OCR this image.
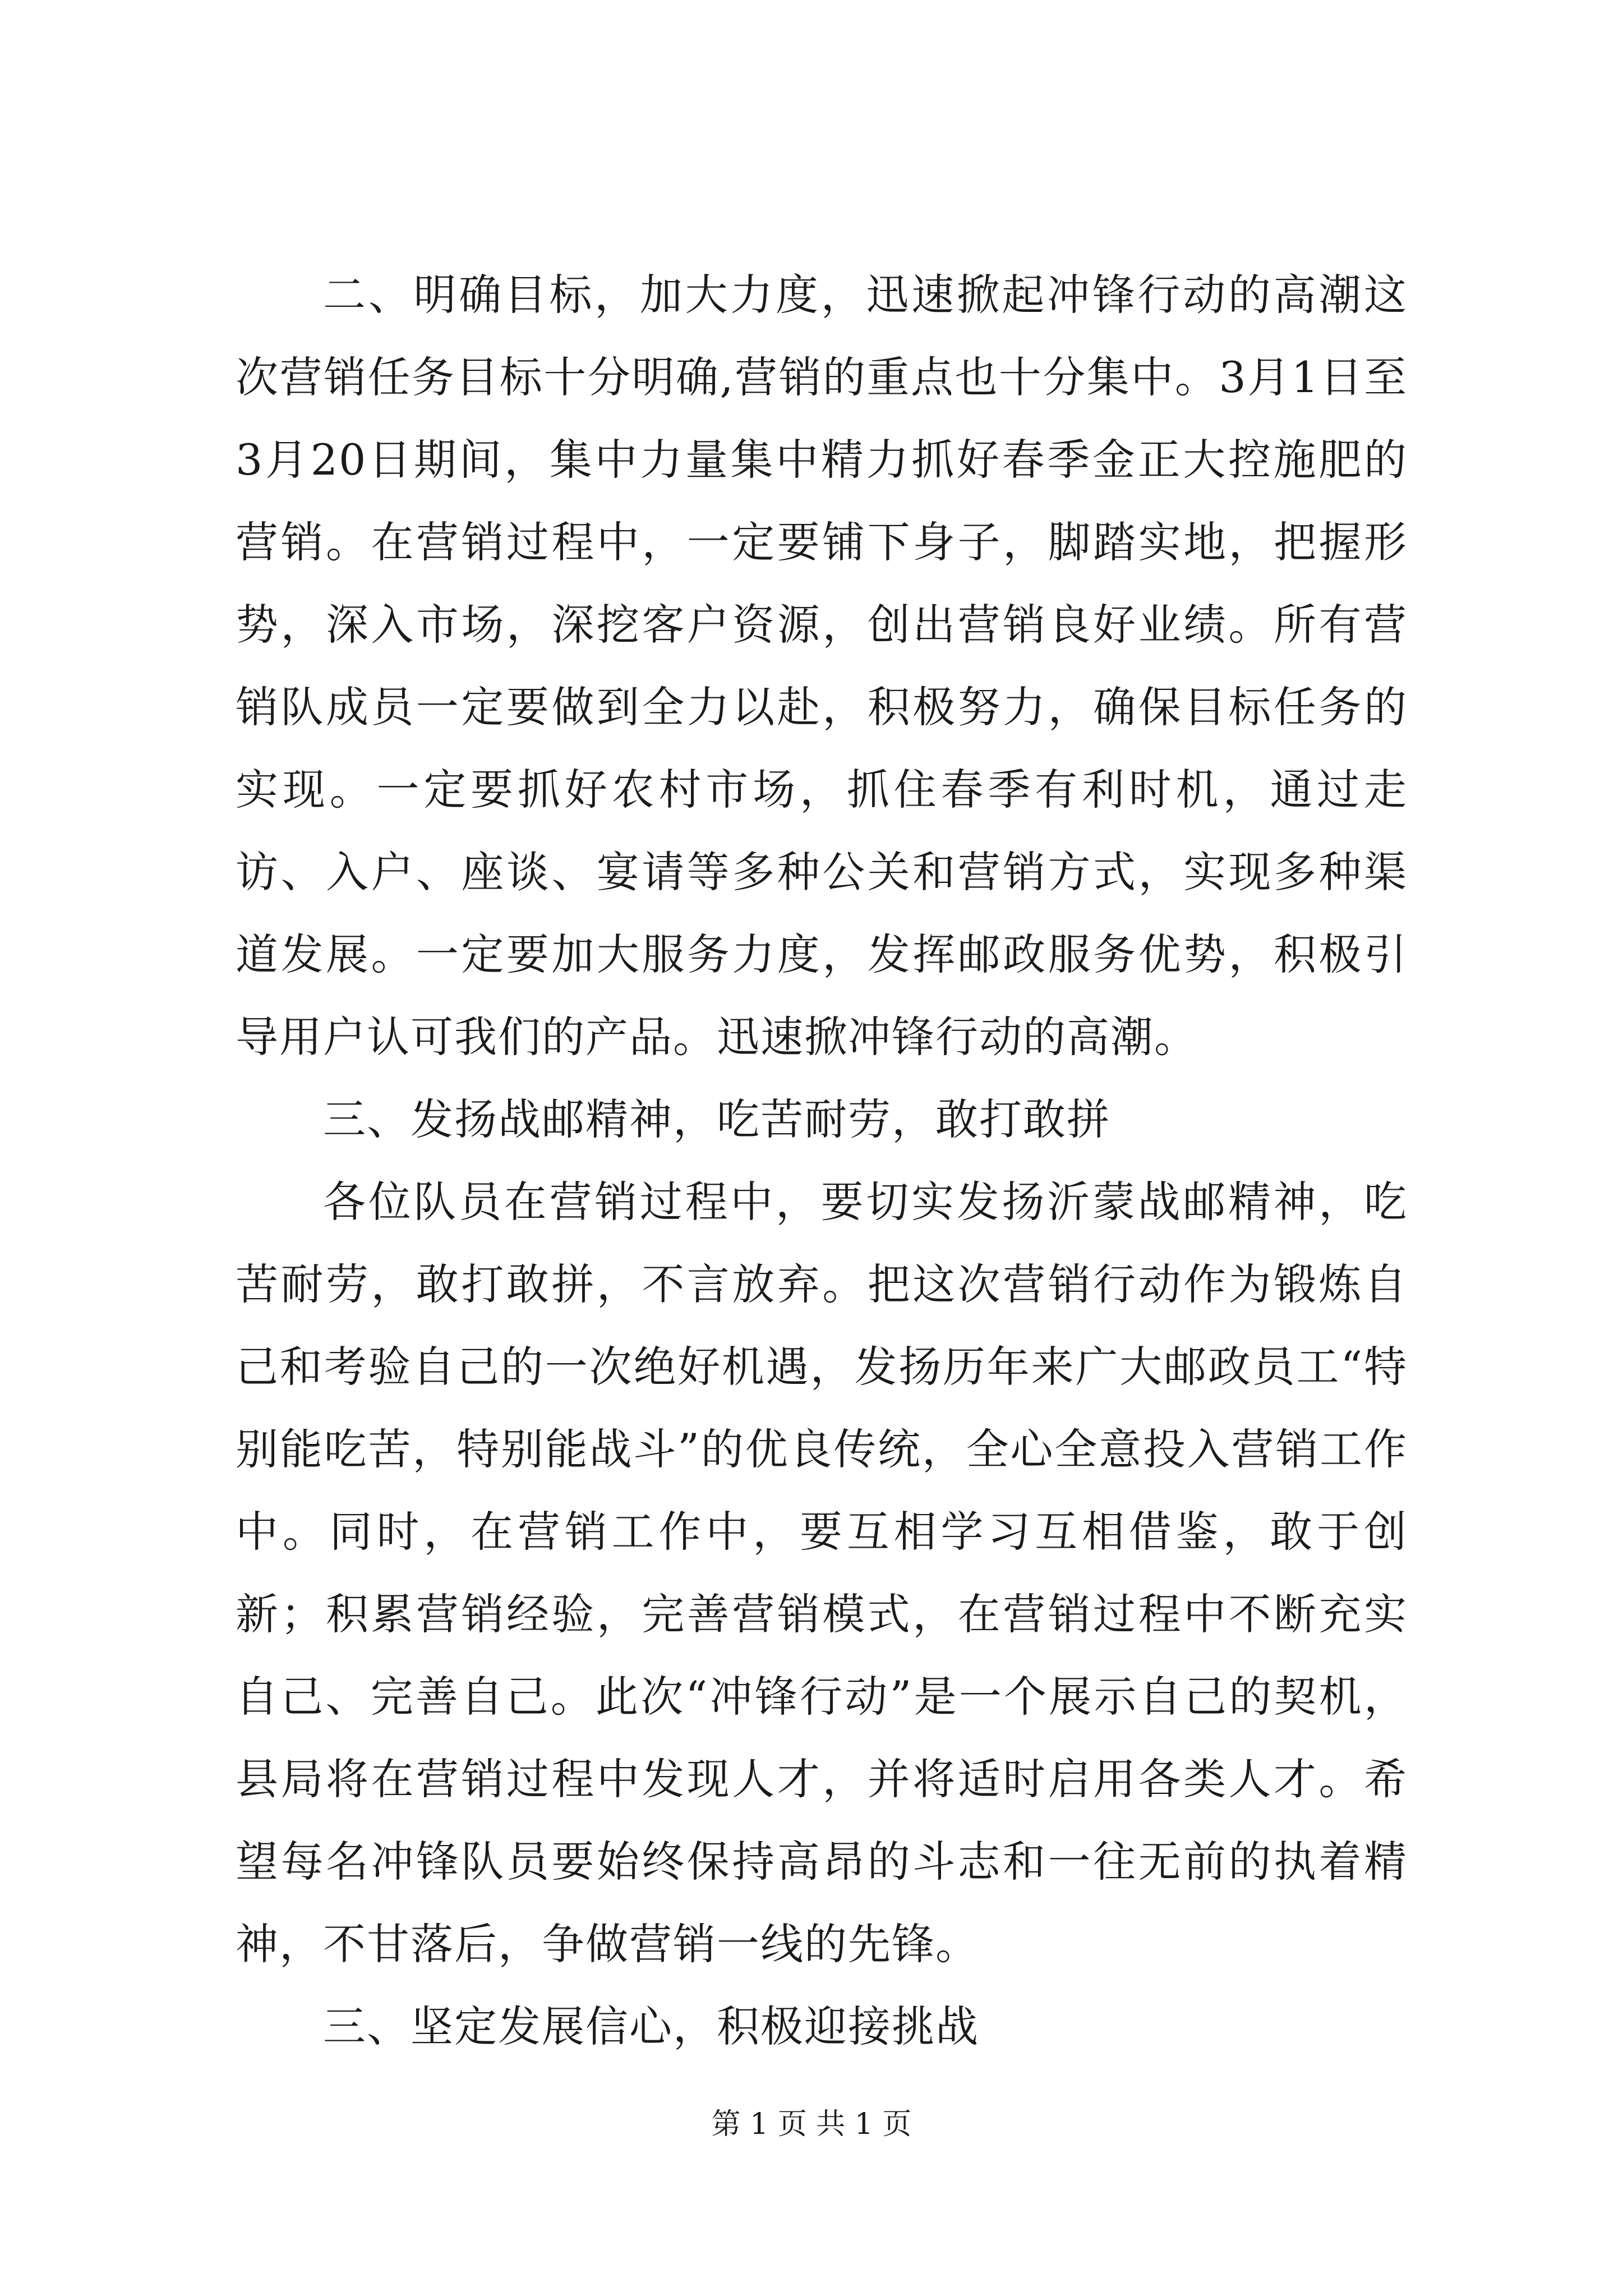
二、明确目标，加大力度，迅速掀起冲锋行动的高潮这次营销任务目标十分明确,营销的重点也十分集中。3月1日至3月20日期间，集中力量集中精力抓好春季金正大控施肥的营销。在营销过程中，一定要铺下身子，脚踏实地，把握形势，深入市场，深挖客户资源，创出营销良好业绩。所有营销队成员一定要做到全力以赴，积极努力，确保目标任务的实现。一定要抓好农村市场，抓住春季有利时机，通过走访、入户、座谈、宴请等多种公关和营销方式，实现多种渠道发展。一定要加大服务力度，发挥邮政服务优势，积极引导用户认可我们的产品。迅速掀冲锋行动的高潮。

三、发扬战邮精神，吃苦耐劳，敢打敢拼

各位队员在营销过程中，要切实发扬沂蒙战邮精神，吃苦耐劳，敢打敢拼，不言放弃。把这次营销行动作为锻炼自己和考验自己的一次绝好机遇，发扬历年来广大邮政员工“特别能吃苦，特别能战斗”的优良传统，全心全意投入营销工作中。同时，在营销工作中，要互相学习互相借鉴，敢于创新；积累营销经验，完善营销模式，在营销过程中不断充实自己、完善自己。此次“冲锋行动”是一个展示自己的契机，县局将在营销过程中发现人才，并将适时启用各类人才。希望每名冲锋队员要始终保持高昂的斗志和一往无前的执着精神，不甘落后，争做营销一线的先锋。

三、坚定发展信心，积极迎接挑战

第 1 页 共 1 页
